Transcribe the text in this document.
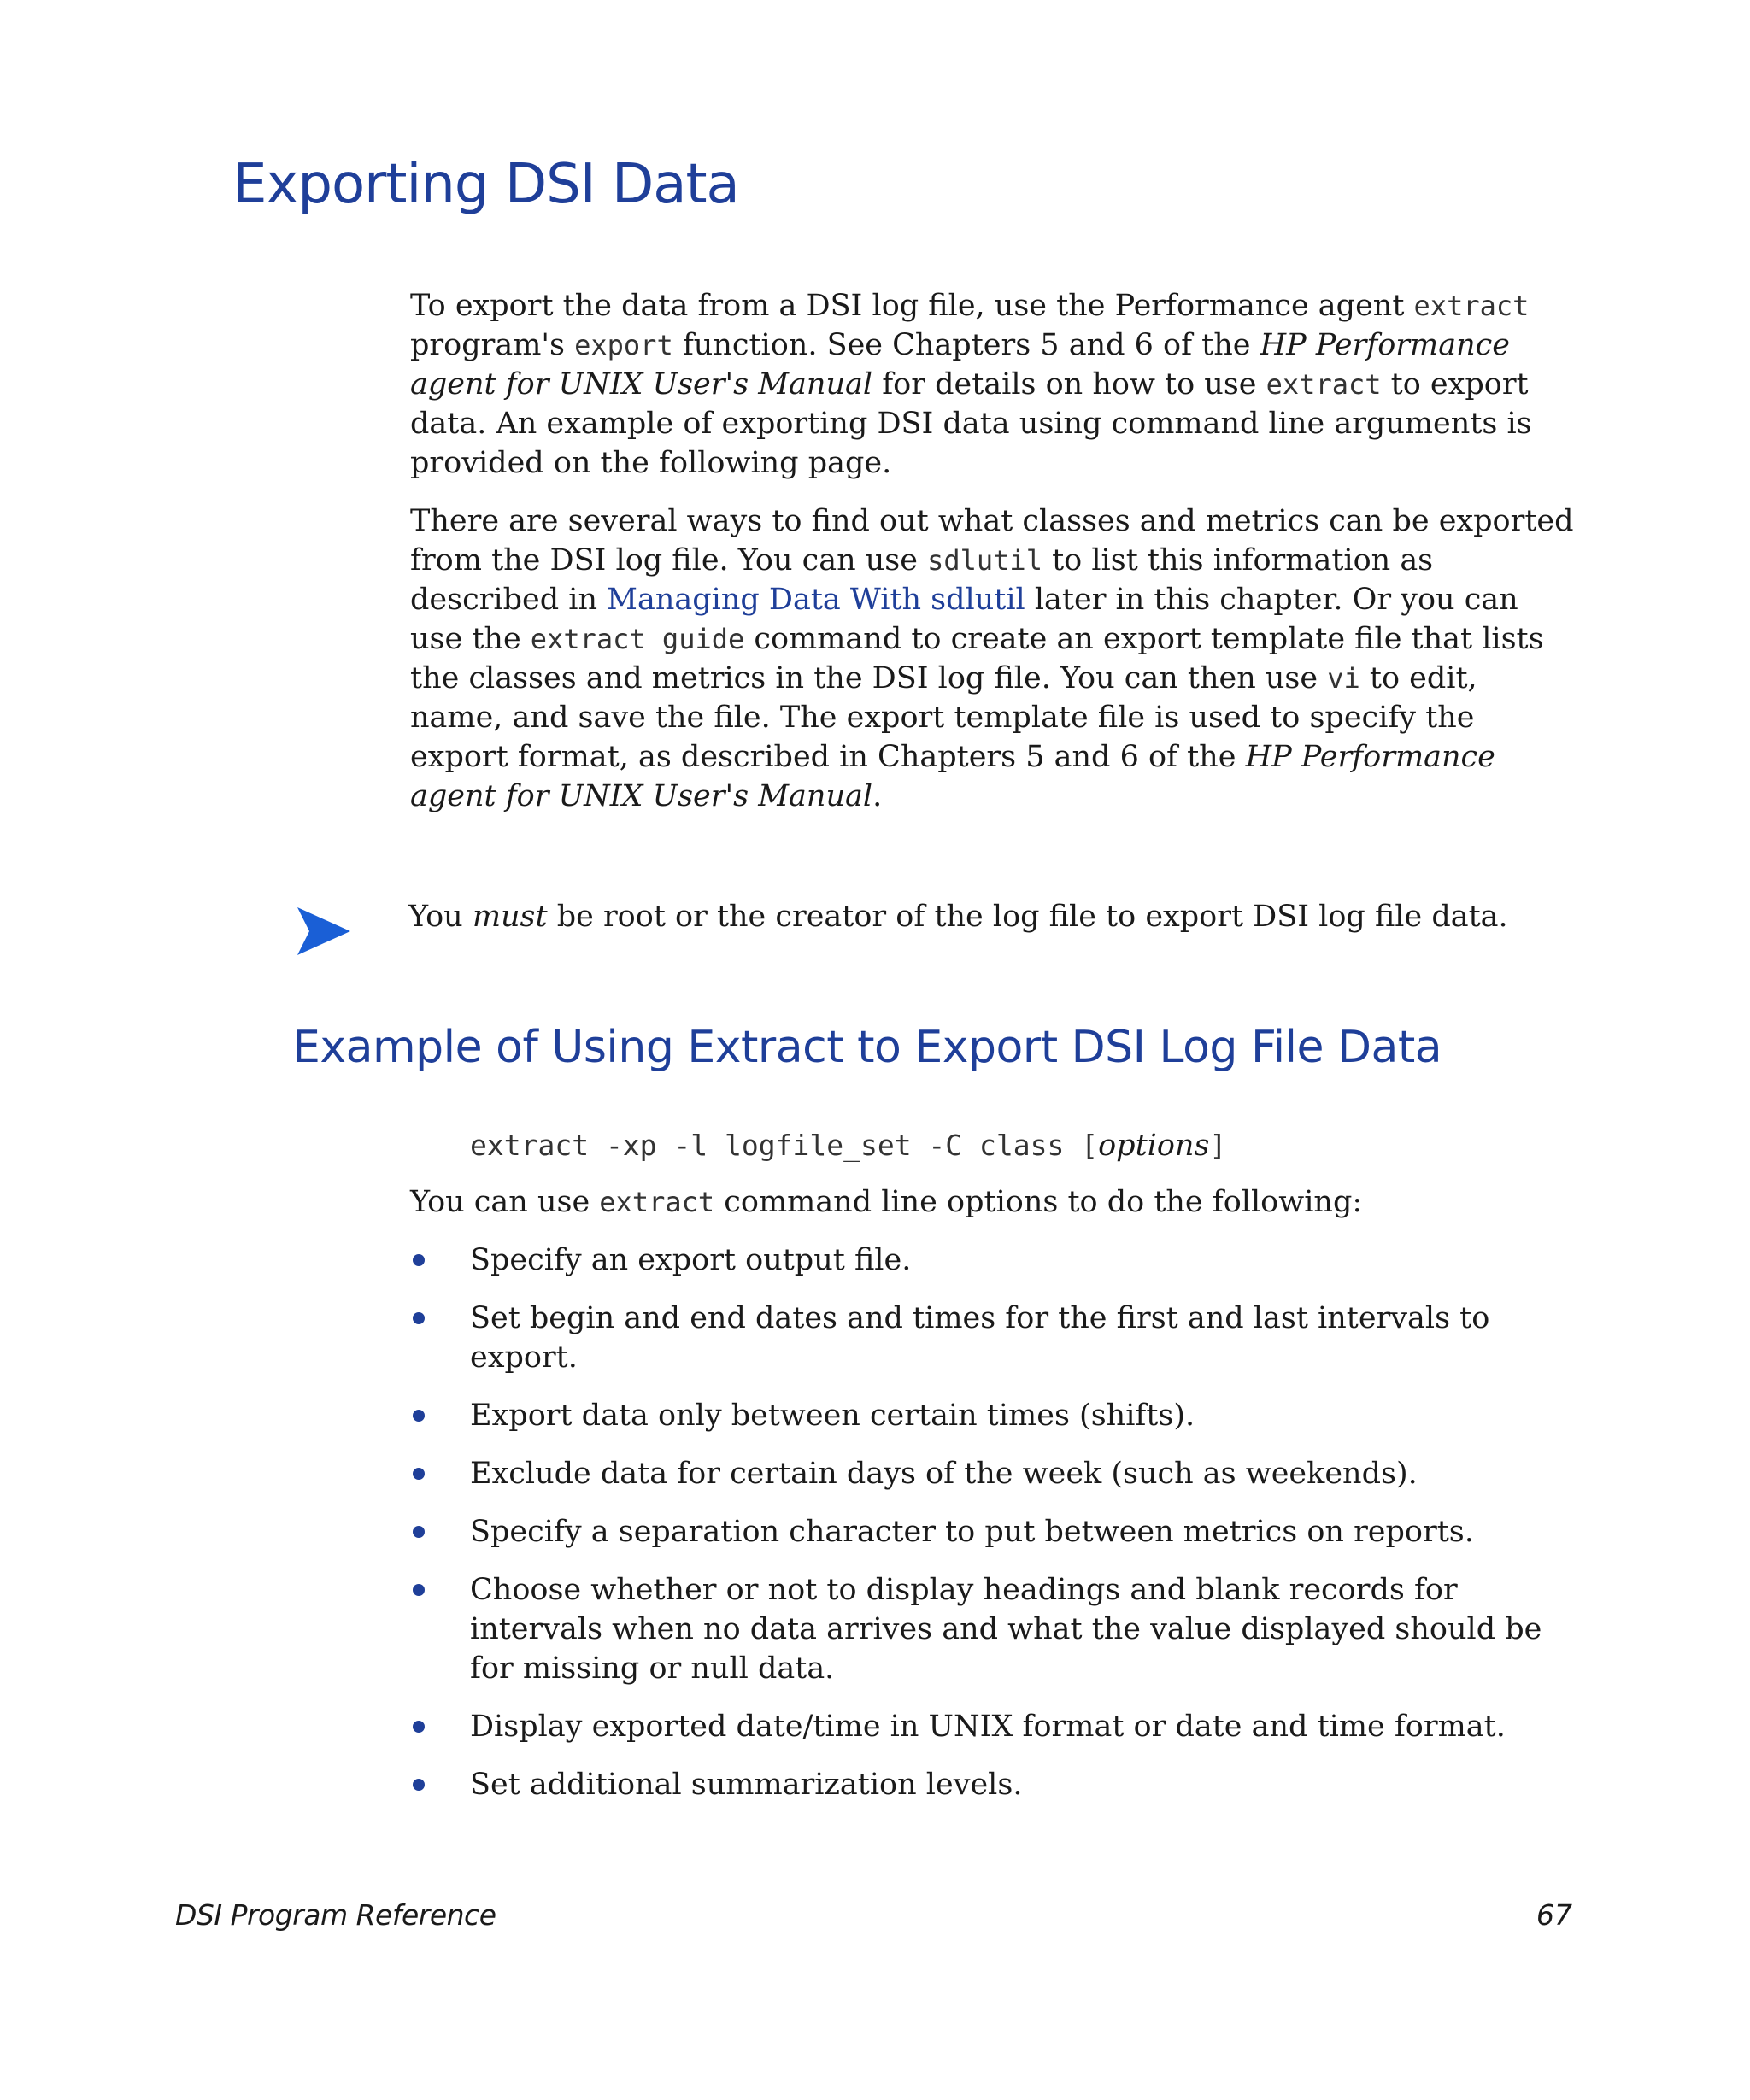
Exporting DSI Data

To export the data from a DSI log file, use the Performance agent extract program's export function. See Chapters 5 and 6 of the HP Performance agent for UNIX User's Manual for details on how to use extract to export data. An example of exporting DSI data using command line arguments is provided on the following page.

There are several ways to find out what classes and metrics can be exported from the DSI log file. You can use sdlutil to list this information as described in Managing Data With sdlutil later in this chapter. Or you can use the extract guide command to create an export template file that lists the classes and metrics in the DSI log file. You can then use vi to edit, name, and save the file. The export template file is used to specify the export format, as described in Chapters 5 and 6 of the HP Performance agent for UNIX User's Manual.

You must be root or the creator of the log file to export DSI log file data.
Example of Using Extract to Export DSI Log File Data
extract -xp -l logfile_set -C class [options]

You can use extract command line options to do the following:

Specify an export output file.
Set begin and end dates and times for the first and last intervals to export.
Export data only between certain times (shifts).
Exclude data for certain days of the week (such as weekends).
Specify a separation character to put between metrics on reports.
Choose whether or not to display headings and blank records for intervals when no data arrives and what the value displayed should be for missing or null data.
Display exported date/time in UNIX format or date and time format.
Set additional summarization levels.
DSI Program Reference	67
